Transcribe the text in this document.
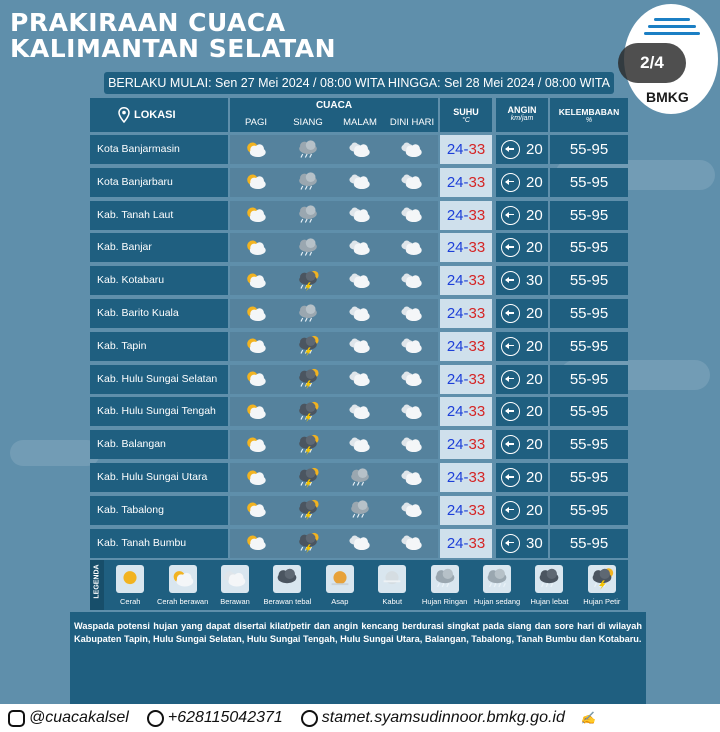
PRAKIRAAN CUACA
KALIMANTAN SELATAN
BMKG
2/4
BERLAKU MULAI: Sen 27 Mei 2024 / 08:00 WITA HINGGA: Sel 28 Mei 2024 / 08:00 WITA
LOKASI
CUACA
PAGI	SIANG	MALAM	DINI HARI
SUHU
°C
ANGIN
km/jam
KELEMBABAN
%
Kota Banjarmasin	24-33	20	55-95
Kota Banjarbaru	24-33	20	55-95
Kab. Tanah Laut	24-33	20	55-95
Kab. Banjar	24-33	20	55-95
Kab. Kotabaru	24-33	30	55-95
Kab. Barito Kuala	24-33	20	55-95
Kab. Tapin	24-33	20	55-95
Kab. Hulu Sungai Selatan	24-33	20	55-95
Kab. Hulu Sungai Tengah	24-33	20	55-95
Kab. Balangan	24-33	20	55-95
Kab. Hulu Sungai Utara	24-33	20	55-95
Kab. Tabalong	24-33	20	55-95
Kab. Tanah Bumbu	24-33	30	55-95
LEGENDA
Cerah	Cerah berawan	Berawan	Berawan tebal	Asap	Kabut	Hujan Ringan Hujan sedang	Hujan lebat	Hujan Petir
Waspada potensi hujan yang dapat disertai kilat/petir dan angin kencang berdurasi singkat pada siang dan sore hari di wilayah Kabupaten Tapin, Hulu Sungai Selatan, Hulu Sungai Tengah, Hulu Sungai Utara, Balangan, Tabalong, Tanah Bumbu dan Kotabaru.
@cuacakalsel +628115042371 stamet.syamsudinnoor.bmkg.go.id ✍
